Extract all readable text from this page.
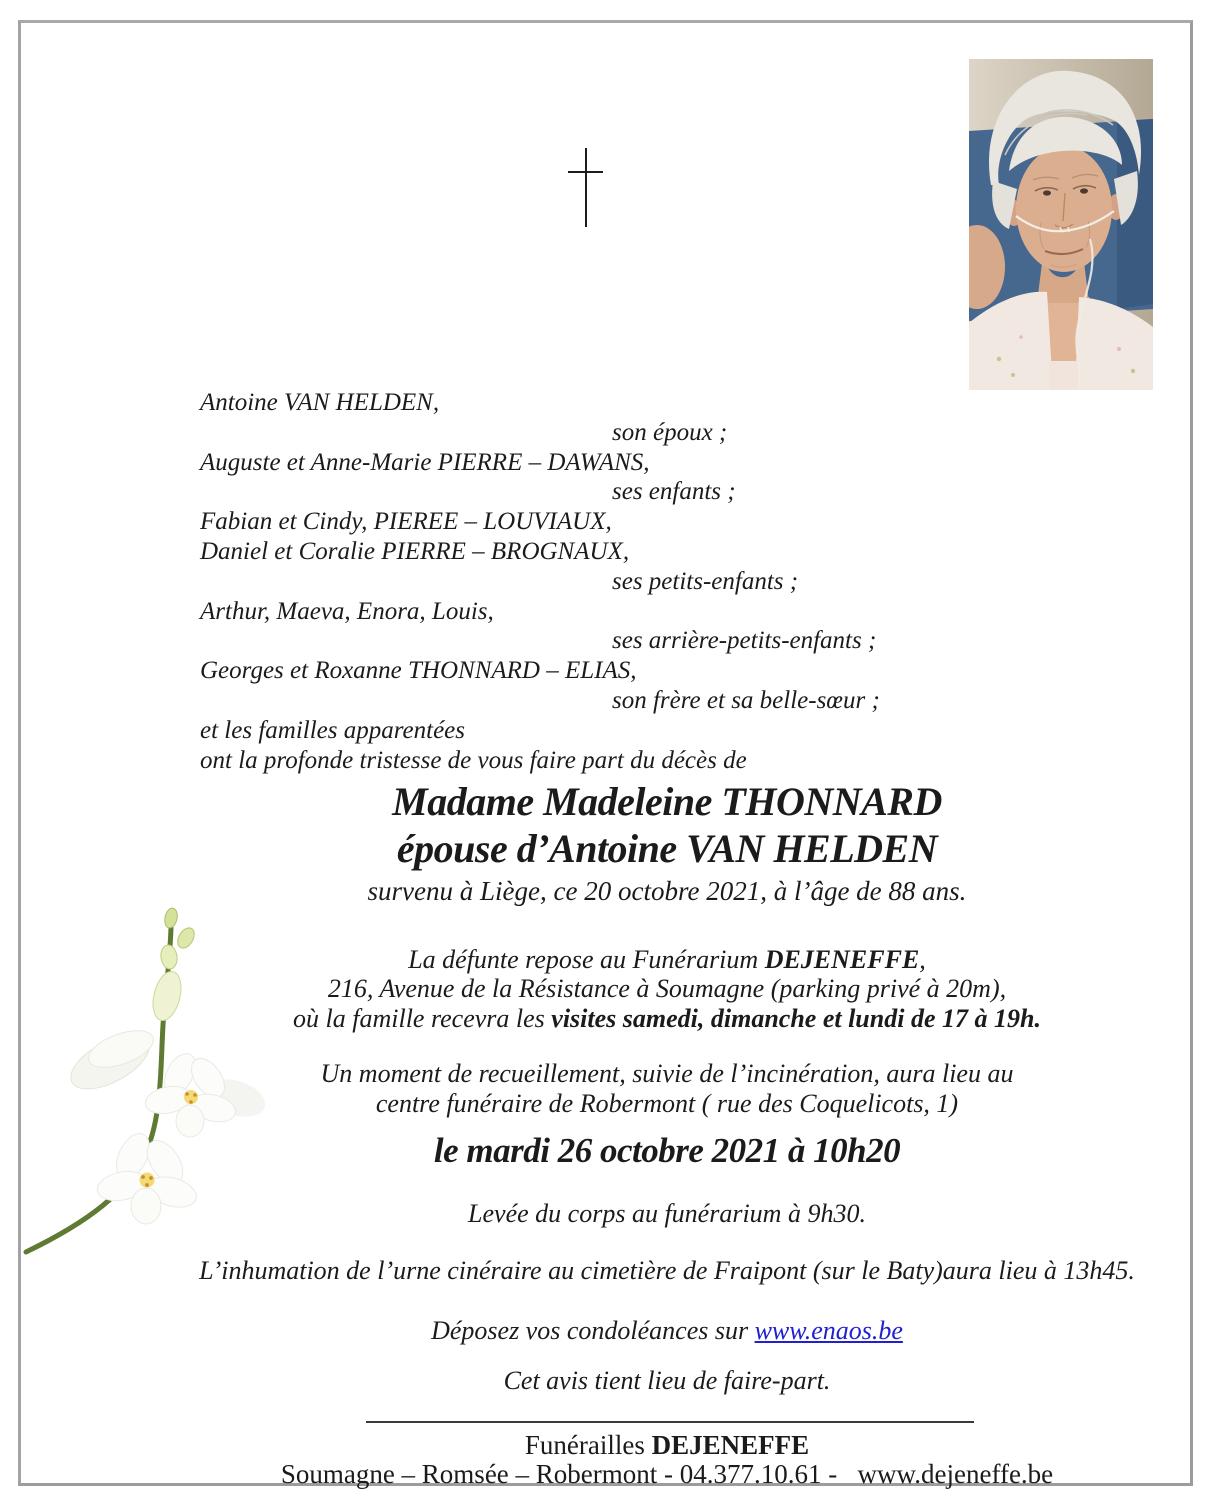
Antoine VAN HELDEN,
son époux ;
Auguste et Anne-Marie PIERRE – DAWANS,
ses enfants ;
Fabian et Cindy, PIEREE – LOUVIAUX,
Daniel et Coralie PIERRE – BROGNAUX,
ses petits-enfants ;
Arthur, Maeva, Enora, Louis,
ses arrière-petits-enfants ;
Georges et Roxanne THONNARD – ELIAS,
son frère et sa belle-sœur ;
et les familles apparentées
ont la profonde tristesse de vous faire part du décès de
Madame Madeleine THONNARD
épouse d’Antoine VAN HELDEN
survenu à Liège, ce 20 octobre 2021, à l’âge de 88 ans.
La défunte repose au Funérarium DEJENEFFE,
216, Avenue de la Résistance à Soumagne (parking privé à 20m),
où la famille recevra les visites samedi, dimanche et lundi de 17 à 19h.
Un moment de recueillement, suivie de l’incinération, aura lieu au
centre funéraire de Robermont ( rue des Coquelicots, 1)
le mardi 26 octobre 2021 à 10h20
Levée du corps au funérarium à 9h30.
L’inhumation de l’urne cinéraire au cimetière de Fraipont (sur le Baty)aura lieu à 13h45.
Déposez vos condoléances sur www.enaos.be
Cet avis tient lieu de faire-part.
Funérailles DEJENEFFE
Soumagne – Romsée – Robermont - 04.377.10.61 -   www.dejeneffe.be
